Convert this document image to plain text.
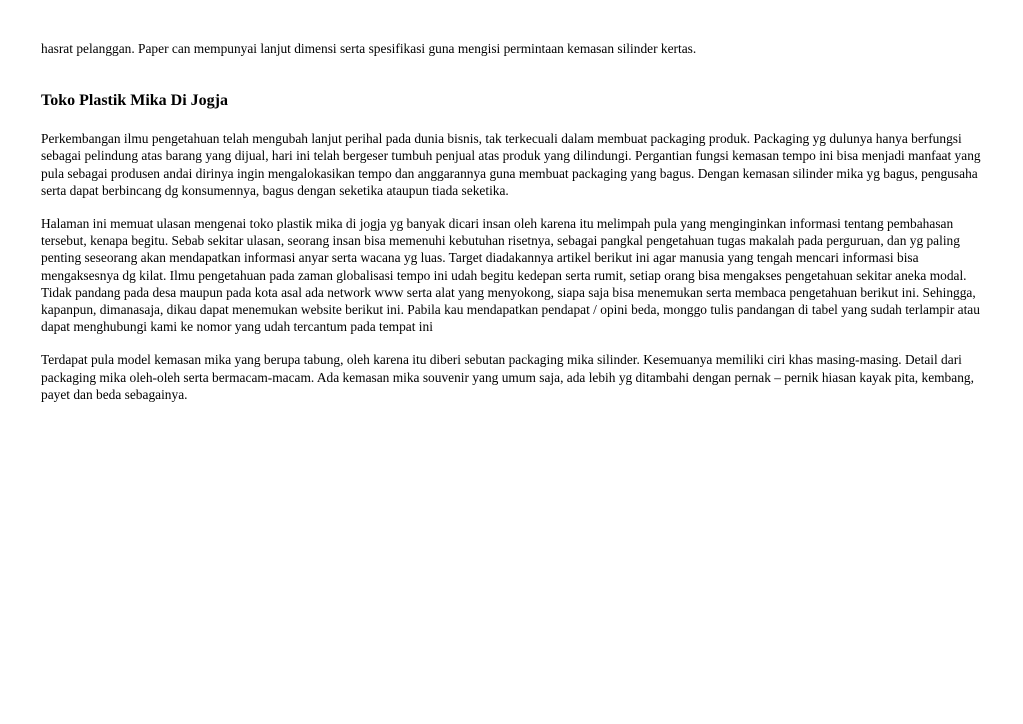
hasrat pelanggan. Paper can mempunyai lanjut dimensi serta spesifikasi guna mengisi permintaan kemasan silinder kertas.

Toko Plastik Mika Di Jogja

Perkembangan ilmu pengetahuan telah mengubah lanjut perihal pada dunia bisnis, tak terkecuali dalam membuat packaging produk. Packaging yg dulunya hanya berfungsi sebagai pelindung atas barang yang dijual, hari ini telah bergeser tumbuh penjual atas produk yang dilindungi. Pergantian fungsi kemasan tempo ini bisa menjadi manfaat yang pula sebagai produsen andai dirinya ingin mengalokasikan tempo dan anggarannya guna membuat packaging yang bagus. Dengan kemasan silinder mika yg bagus, pengusaha serta dapat berbincang dg konsumennya, bagus dengan seketika ataupun tiada seketika.

Halaman ini memuat ulasan mengenai toko plastik mika di jogja yg banyak dicari insan oleh karena itu melimpah pula yang menginginkan informasi tentang pembahasan tersebut, kenapa begitu. Sebab sekitar ulasan, seorang insan bisa memenuhi kebutuhan risetnya, sebagai pangkal pengetahuan tugas makalah pada perguruan, dan yg paling penting seseorang akan mendapatkan informasi anyar serta wacana yg luas. Target diadakannya artikel berikut ini agar manusia yang tengah mencari informasi bisa mengaksesnya dg kilat. Ilmu pengetahuan pada zaman globalisasi tempo ini udah begitu kedepan serta rumit, setiap orang bisa mengakses pengetahuan sekitar aneka modal. Tidak pandang pada desa maupun pada kota asal ada network www serta alat yang menyokong, siapa saja bisa menemukan serta membaca pengetahuan berikut ini. Sehingga, kapanpun, dimanasaja, dikau dapat menemukan website berikut ini. Pabila kau mendapatkan pendapat / opini beda, monggo tulis pandangan di tabel yang sudah terlampir atau dapat menghubungi kami ke nomor yang udah tercantum pada tempat ini

Terdapat pula model kemasan mika yang berupa tabung, oleh karena itu diberi sebutan packaging mika silinder. Kesemuanya memiliki ciri khas masing-masing. Detail dari packaging mika oleh-oleh serta bermacam-macam. Ada kemasan mika souvenir yang umum saja, ada lebih yg ditambahi dengan pernak – pernik hiasan kayak pita, kembang, payet dan beda sebagainya.
